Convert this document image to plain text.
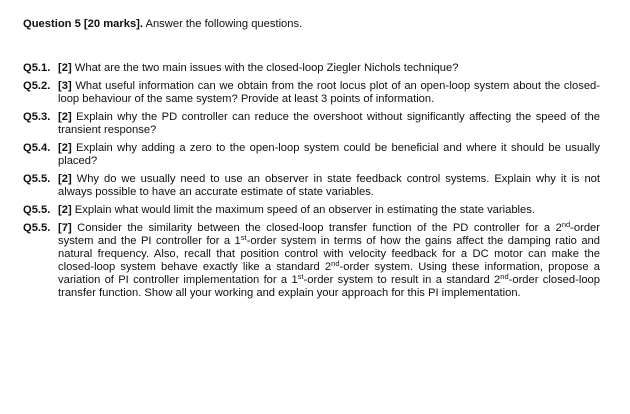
Question 5 [20 marks]. Answer the following questions.
Q5.1. [2] What are the two main issues with the closed-loop Ziegler Nichols technique?
Q5.2. [3] What useful information can we obtain from the root locus plot of an open-loop system about the closed-loop behaviour of the same system? Provide at least 3 points of information.
Q5.3. [2] Explain why the PD controller can reduce the overshoot without significantly affecting the speed of the transient response?
Q5.4. [2] Explain why adding a zero to the open-loop system could be beneficial and where it should be usually placed?
Q5.5. [2] Why do we usually need to use an observer in state feedback control systems. Explain why it is not always possible to have an accurate estimate of state variables.
Q5.5. [2] Explain what would limit the maximum speed of an observer in estimating the state variables.
Q5.5. [7] Consider the similarity between the closed-loop transfer function of the PD controller for a 2nd-order system and the PI controller for a 1st-order system in terms of how the gains affect the damping ratio and natural frequency. Also, recall that position control with velocity feedback for a DC motor can make the closed-loop system behave exactly like a standard 2nd-order system. Using these information, propose a variation of PI controller implementation for a 1st-order system to result in a standard 2nd-order closed-loop transfer function. Show all your working and explain your approach for this PI implementation.
